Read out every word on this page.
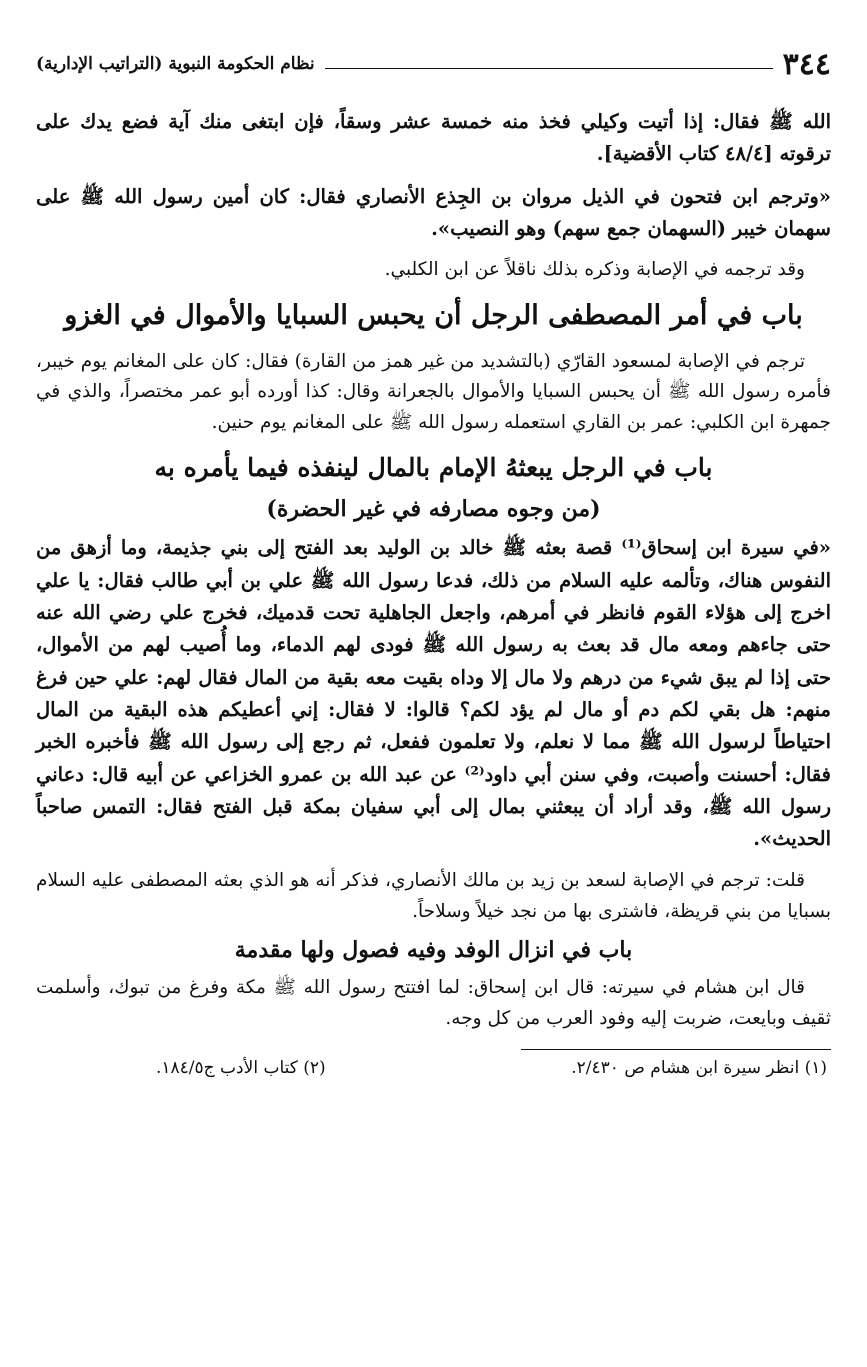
٣٤٤
نظام الحكومة النبوية (التراتيب الإدارية)

الله ﷺ فقال: إذا أتيت وكيلي فخذ منه خمسة عشر وسقاً، فإن ابتغى منك آية فضع يدك على ترقوته [٤٨/٤ كتاب الأقضية].

«وترجم ابن فتحون في الذيل مروان بن الجِذع الأنصاري فقال: كان أمين رسول الله ﷺ على سهمان خيبر (السهمان جمع سهم) وهو النصيب».

وقد ترجمه في الإصابة وذكره بذلك ناقلاً عن ابن الكلبي.

باب في أمر المصطفى الرجل أن يحبس السبايا والأموال في الغزو

ترجم في الإصابة لمسعود القارّي (بالتشديد من غير همز من القارة) فقال: كان على المغانم يوم خيبر، فأمره رسول الله ﷺ أن يحبس السبايا والأموال بالجعرانة وقال: كذا أورده أبو عمر مختصراً، والذي في جمهرة ابن الكلبي: عمر بن القاري استعمله رسول الله ﷺ على المغانم يوم حنين.

باب في الرجل يبعثهُ الإمام بالمال لينفذه فيما يأمره به
(من وجوه مصارفه في غير الحضرة)

«في سيرة ابن إسحاق⁽¹⁾ قصة بعثه ﷺ خالد بن الوليد بعد الفتح إلى بني جذيمة، وما أزهق من النفوس هناك، وتألمه عليه السلام من ذلك، فدعا رسول الله ﷺ علي بن أبي طالب فقال: يا علي اخرج إلى هؤلاء القوم فانظر في أمرهم، واجعل الجاهلية تحت قدميك، فخرج علي رضي الله عنه حتى جاءهم ومعه مال قد بعث به رسول الله ﷺ فودى لهم الدماء، وما أُصيب لهم من الأموال، حتى إذا لم يبق شيء من درهم ولا مال إلا وداه بقيت معه بقية من المال فقال لهم: علي حين فرغ منهم: هل بقي لكم دم أو مال لم يؤد لكم؟ قالوا: لا فقال: إني أعطيكم هذه البقية من المال احتياطاً لرسول الله ﷺ مما لا نعلم، ولا تعلمون ففعل، ثم رجع إلى رسول الله ﷺ فأخبره الخبر فقال: أحسنت وأصبت، وفي سنن أبي داود⁽²⁾ عن عبد الله بن عمرو الخزاعي عن أبيه قال: دعاني رسول الله ﷺ، وقد أراد أن يبعثني بمال إلى أبي سفيان بمكة قبل الفتح فقال: التمس صاحباً الحديث».

قلت: ترجم في الإصابة لسعد بن زيد بن مالك الأنصاري، فذكر أنه هو الذي بعثه المصطفى عليه السلام بسبايا من بني قريظة، فاشترى بها من نجد خيلاً وسلاحاً.

باب في انزال الوفد وفيه فصول ولها مقدمة

قال ابن هشام في سيرته: قال ابن إسحاق: لما افتتح رسول الله ﷺ مكة وفرغ من تبوك، وأسلمت ثقيف وبايعت، ضربت إليه وفود العرب من كل وجه.

(١) انظر سيرة ابن هشام ص ٢/٤٣٠.
(٢) كتاب الأدب ج١٨٤/٥.
